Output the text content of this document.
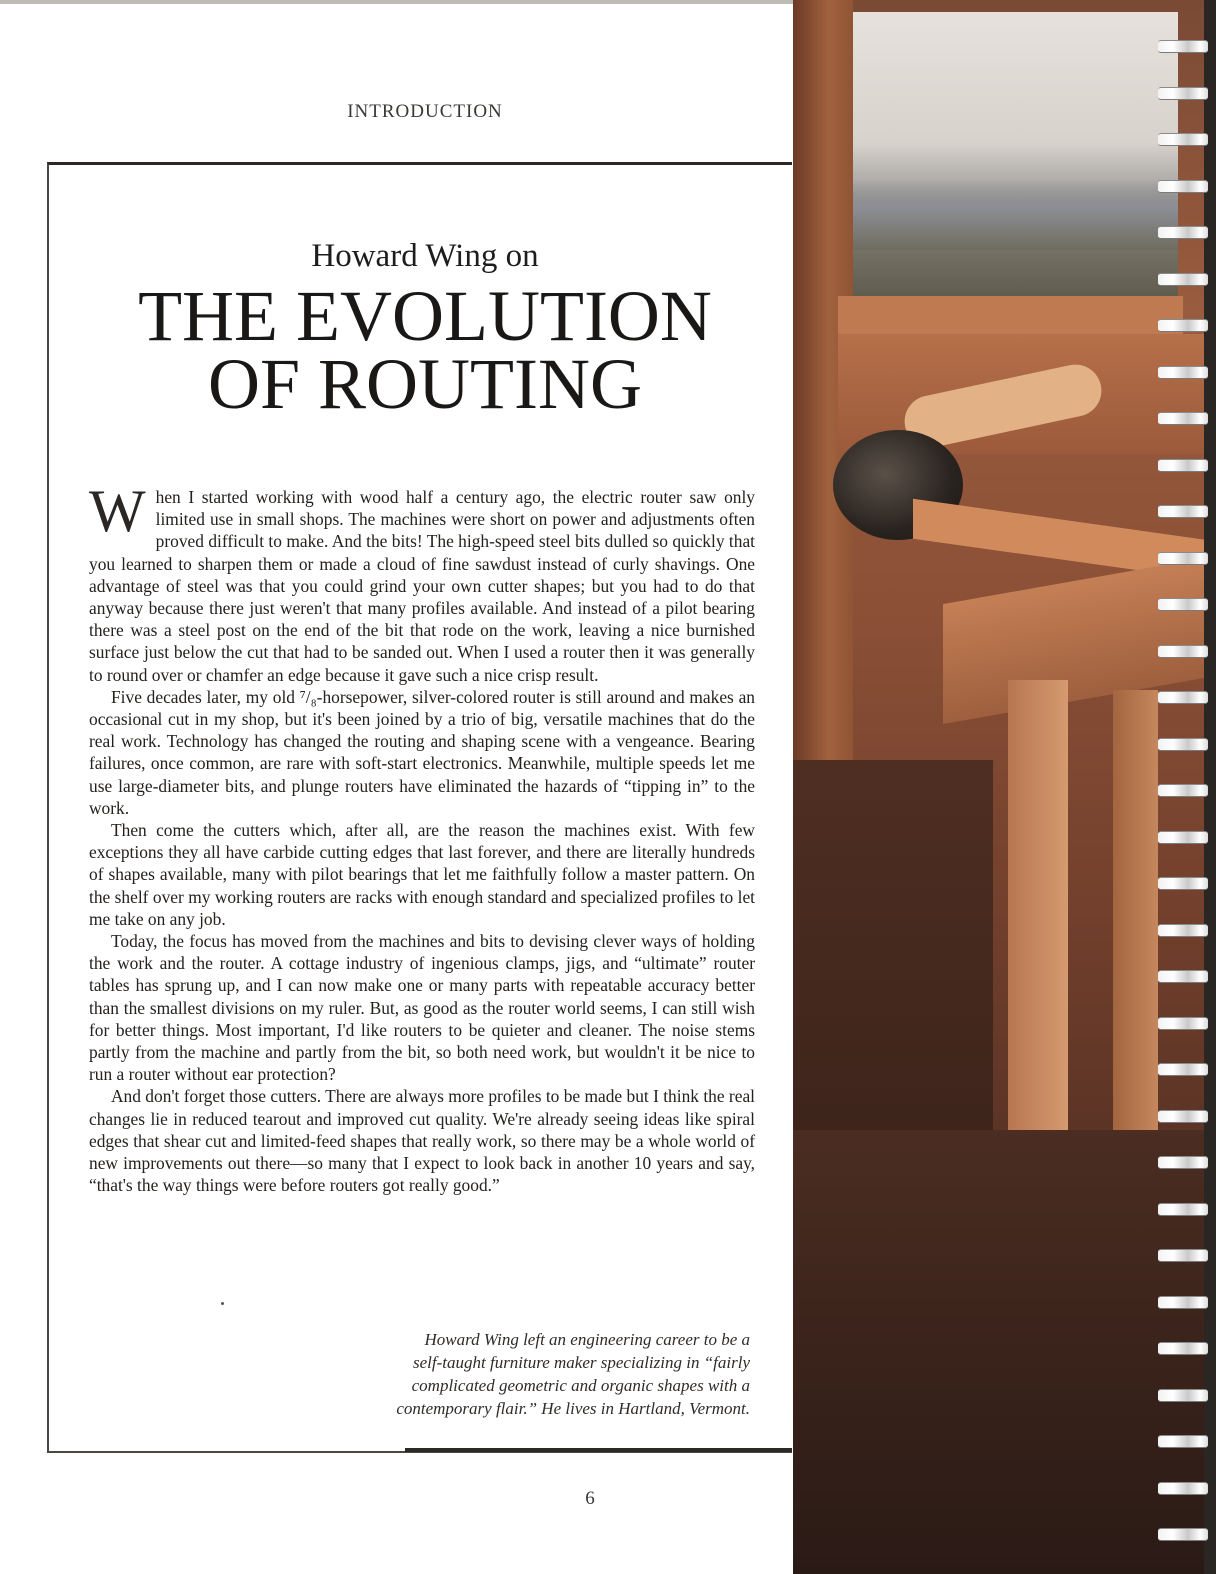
INTRODUCTION
Howard Wing on
THE EVOLUTION
OF ROUTING

When I started working with wood half a century ago, the electric router saw only limited use in small shops. The machines were short on power and adjustments often proved difficult to make. And the bits! The high-speed steel bits dulled so quickly that you learned to sharpen them or made a cloud of fine sawdust instead of curly shavings. One advantage of steel was that you could grind your own cutter shapes; but you had to do that anyway because there just weren't that many profiles available. And instead of a pilot bearing there was a steel post on the end of the bit that rode on the work, leaving a nice burnished surface just below the cut that had to be sanded out. When I used a router then it was generally to round over or chamfer an edge because it gave such a nice crisp result.

Five decades later, my old ⁷/₈-horsepower, silver-colored router is still around and makes an occasional cut in my shop, but it's been joined by a trio of big, versatile machines that do the real work. Technology has changed the routing and shaping scene with a vengeance. Bearing failures, once common, are rare with soft-start electronics. Meanwhile, multiple speeds let me use large-diameter bits, and plunge routers have eliminated the hazards of “tipping in” to the work.

Then come the cutters which, after all, are the reason the machines exist. With few exceptions they all have carbide cutting edges that last forever, and there are literally hundreds of shapes available, many with pilot bearings that let me faithfully follow a master pattern. On the shelf over my working routers are racks with enough standard and specialized profiles to let me take on any job.

Today, the focus has moved from the machines and bits to devising clever ways of holding the work and the router. A cottage industry of ingenious clamps, jigs, and “ultimate” router tables has sprung up, and I can now make one or many parts with repeatable accuracy better than the smallest divisions on my ruler. But, as good as the router world seems, I can still wish for better things. Most important, I'd like routers to be quieter and cleaner. The noise stems partly from the machine and partly from the bit, so both need work, but wouldn't it be nice to run a router without ear protection?

And don't forget those cutters. There are always more profiles to be made but I think the real changes lie in reduced tearout and improved cut quality. We're already seeing ideas like spiral edges that shear cut and limited-feed shapes that really work, so there may be a whole world of new improvements out there—so many that I expect to look back in another 10 years and say, “that's the way things were before routers got really good.”

Howard Wing left an engineering career to be a
self-taught furniture maker specializing in “fairly
complicated geometric and organic shapes with a
contemporary flair.” He lives in Hartland, Vermont.
6
